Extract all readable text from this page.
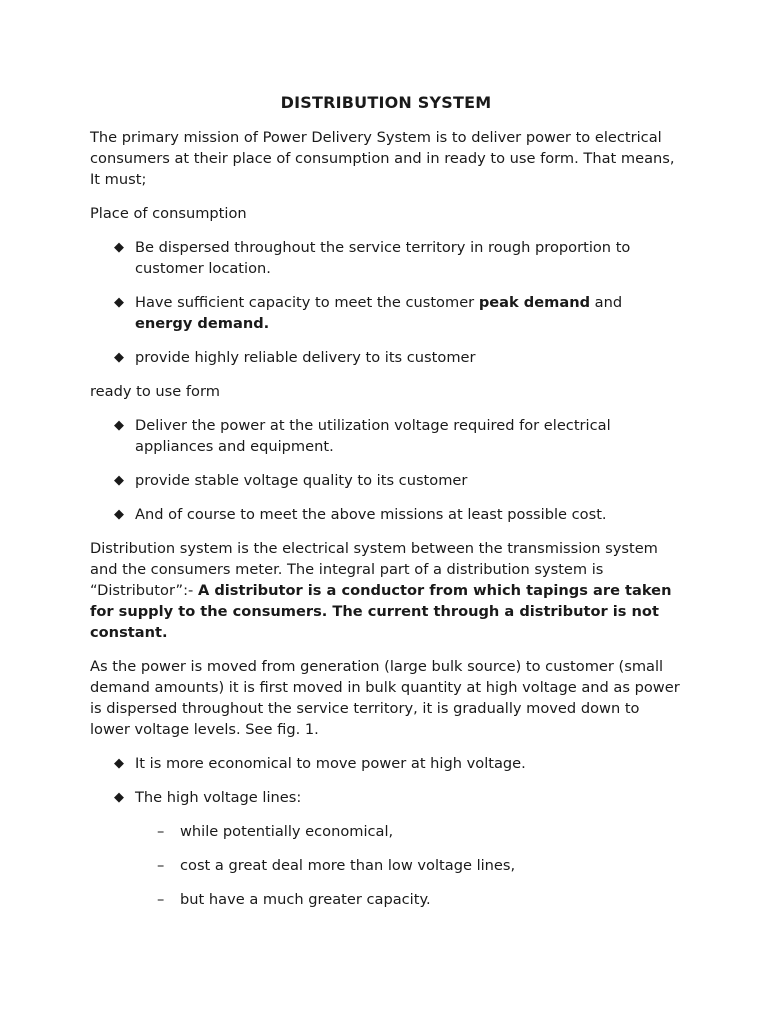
DISTRIBUTION SYSTEM

The primary mission of Power Delivery System is to deliver power to electrical consumers at their place of consumption and in ready to use form. That means, It must;

Place of consumption
◆ Be dispersed throughout the service territory in rough proportion to customer location.
◆ Have sufficient capacity to meet the customer peak demand and energy demand.
◆ provide highly reliable delivery to its customer
ready to use form
◆ Deliver the power at the utilization voltage required for electrical appliances and equipment.
◆ provide stable voltage quality to its customer
◆ And of course to meet the above missions at least possible cost.

Distribution system is the electrical system between the transmission system and the consumers meter. The integral part of a distribution system is “Distributor”:- A distributor is a conductor from which tapings are taken for supply to the consumers. The current through a distributor is not constant.

As the power is moved from generation (large bulk source) to customer (small demand amounts) it is first moved in bulk quantity at high voltage and as power is dispersed throughout the service territory, it is gradually moved down to lower voltage levels. See fig. 1.

◆ It is more economical to move power at high voltage.
◆ The high voltage lines:
– while potentially economical,
– cost a great deal more than low voltage lines,
– but have a much greater capacity.
